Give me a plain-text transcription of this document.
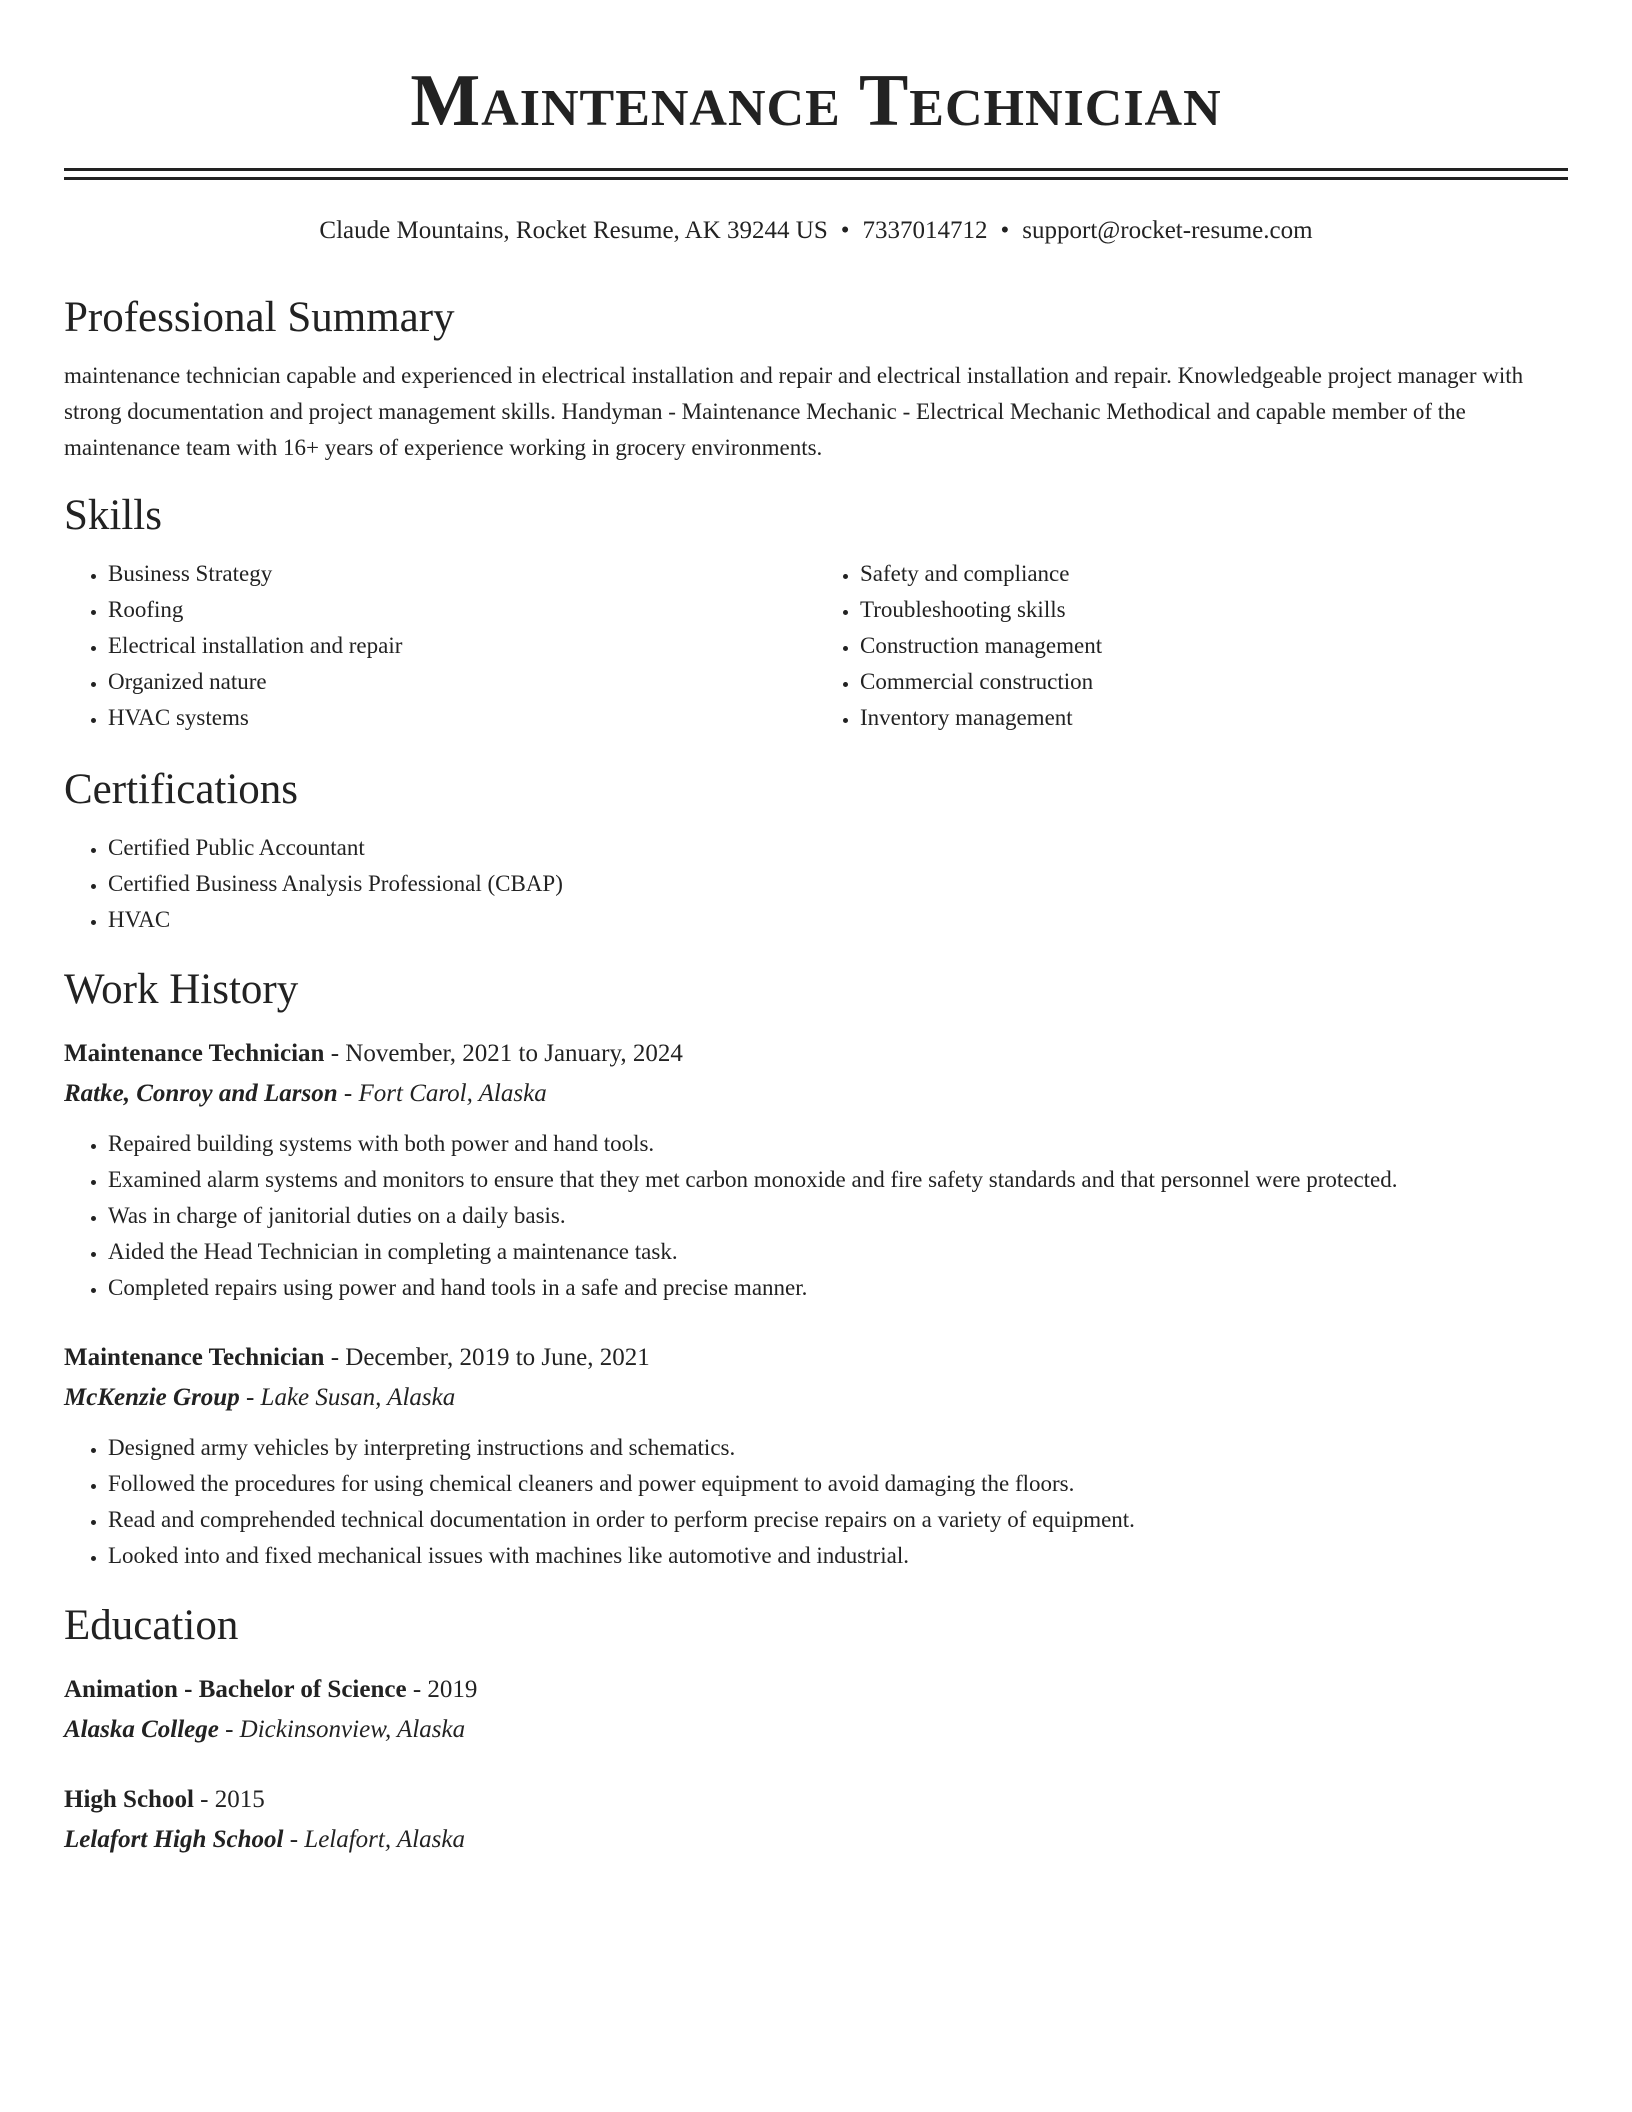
Maintenance Technician
Claude Mountains, Rocket Resume, AK 39244 US • 7337014712 • support@rocket-resume.com
Professional Summary
maintenance technician capable and experienced in electrical installation and repair and electrical installation and repair. Knowledgeable project manager with strong documentation and project management skills. Handyman - Maintenance Mechanic - Electrical Mechanic Methodical and capable member of the maintenance team with 16+ years of experience working in grocery environments.
Skills
• Business Strategy
• Roofing
• Electrical installation and repair
• Organized nature
• HVAC systems
• Safety and compliance
• Troubleshooting skills
• Construction management
• Commercial construction
• Inventory management
Certifications
• Certified Public Accountant
• Certified Business Analysis Professional (CBAP)
• HVAC
Work History
Maintenance Technician - November, 2021 to January, 2024
Ratke, Conroy and Larson - Fort Carol, Alaska
• Repaired building systems with both power and hand tools.
• Examined alarm systems and monitors to ensure that they met carbon monoxide and fire safety standards and that personnel were protected.
• Was in charge of janitorial duties on a daily basis.
• Aided the Head Technician in completing a maintenance task.
• Completed repairs using power and hand tools in a safe and precise manner.
Maintenance Technician - December, 2019 to June, 2021
McKenzie Group - Lake Susan, Alaska
• Designed army vehicles by interpreting instructions and schematics.
• Followed the procedures for using chemical cleaners and power equipment to avoid damaging the floors.
• Read and comprehended technical documentation in order to perform precise repairs on a variety of equipment.
• Looked into and fixed mechanical issues with machines like automotive and industrial.
Education
Animation - Bachelor of Science - 2019
Alaska College - Dickinsonview, Alaska
High School - 2015
Lelafort High School - Lelafort, Alaska
